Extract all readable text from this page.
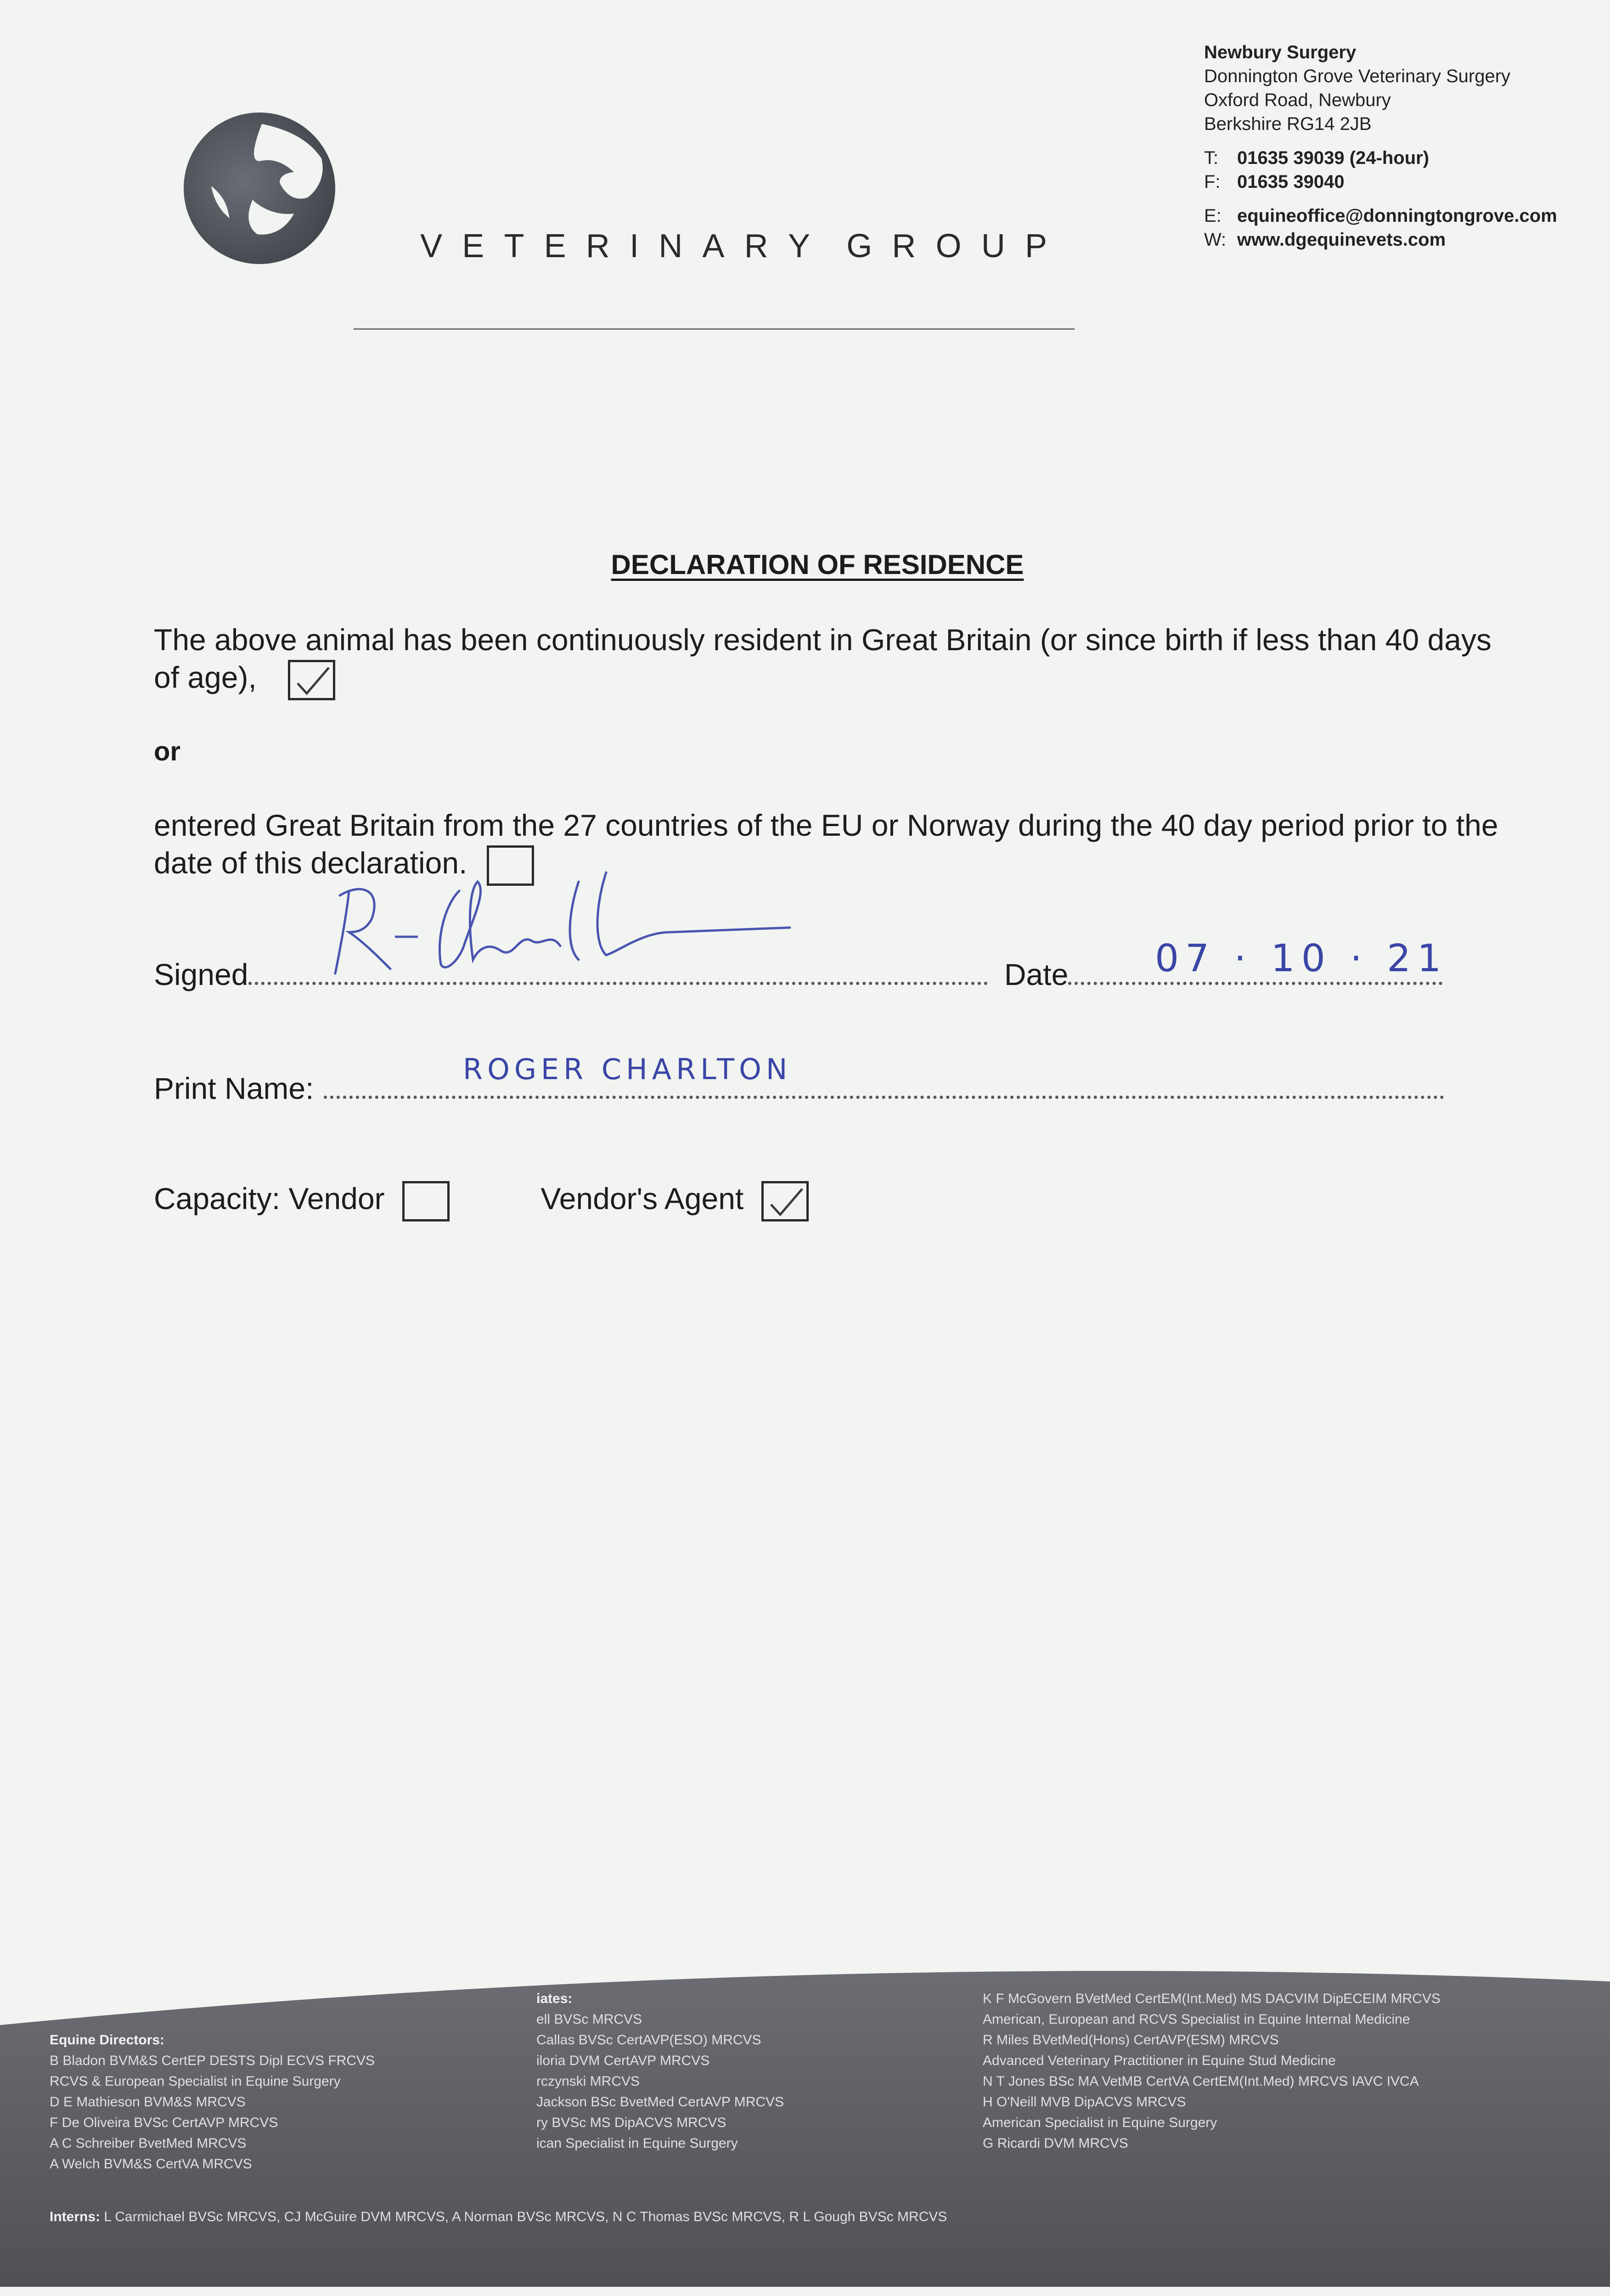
VETERINARY GROUP
Newbury Surgery
Donnington Grove Veterinary Surgery
Oxford Road, Newbury
Berkshire RG14 2JB
T: 01635 39039 (24-hour)
F: 01635 39040
E: equineoffice@donningtongrove.com
W: www.dgequinevets.com
DECLARATION OF RESIDENCE
The above animal has been continuously resident in Great Britain (or since birth if less than 40 days of age),
or
entered Great Britain from the 27 countries of the EU or Norway during the 40 day period prior to the date of this declaration.
Signed	Date	07 · 10 · 21
Print Name:
ROGER CHARLTON
Capacity: Vendor	Vendor's Agent
Equine Directors:
B Bladon BVM&S CertEP DESTS Dipl ECVS FRCVS
RCVS & European Specialist in Equine Surgery
D E Mathieson BVM&S MRCVS
F De Oliveira BVSc CertAVP MRCVS
A C Schreiber BvetMed MRCVS
A Welch BVM&S CertVA MRCVS
iates:
ell BVSc MRCVS
Callas BVSc CertAVP(ESO) MRCVS
iloria DVM CertAVP MRCVS
rczynski MRCVS
Jackson BSc BvetMed CertAVP MRCVS
ry BVSc MS DipACVS MRCVS
ican Specialist in Equine Surgery
K F McGovern BVetMed CertEM(Int.Med) MS DACVIM DipECEIM MRCVS
American, European and RCVS Specialist in Equine Internal Medicine
R Miles BVetMed(Hons) CertAVP(ESM) MRCVS
Advanced Veterinary Practitioner in Equine Stud Medicine
N T Jones BSc MA VetMB CertVA CertEM(Int.Med) MRCVS IAVC IVCA
H O'Neill MVB DipACVS MRCVS
American Specialist in Equine Surgery
G Ricardi DVM MRCVS
Interns: L Carmichael BVSc MRCVS, CJ McGuire DVM MRCVS, A Norman BVSc MRCVS, N C Thomas BVSc MRCVS, R L Gough BVSc MRCVS
